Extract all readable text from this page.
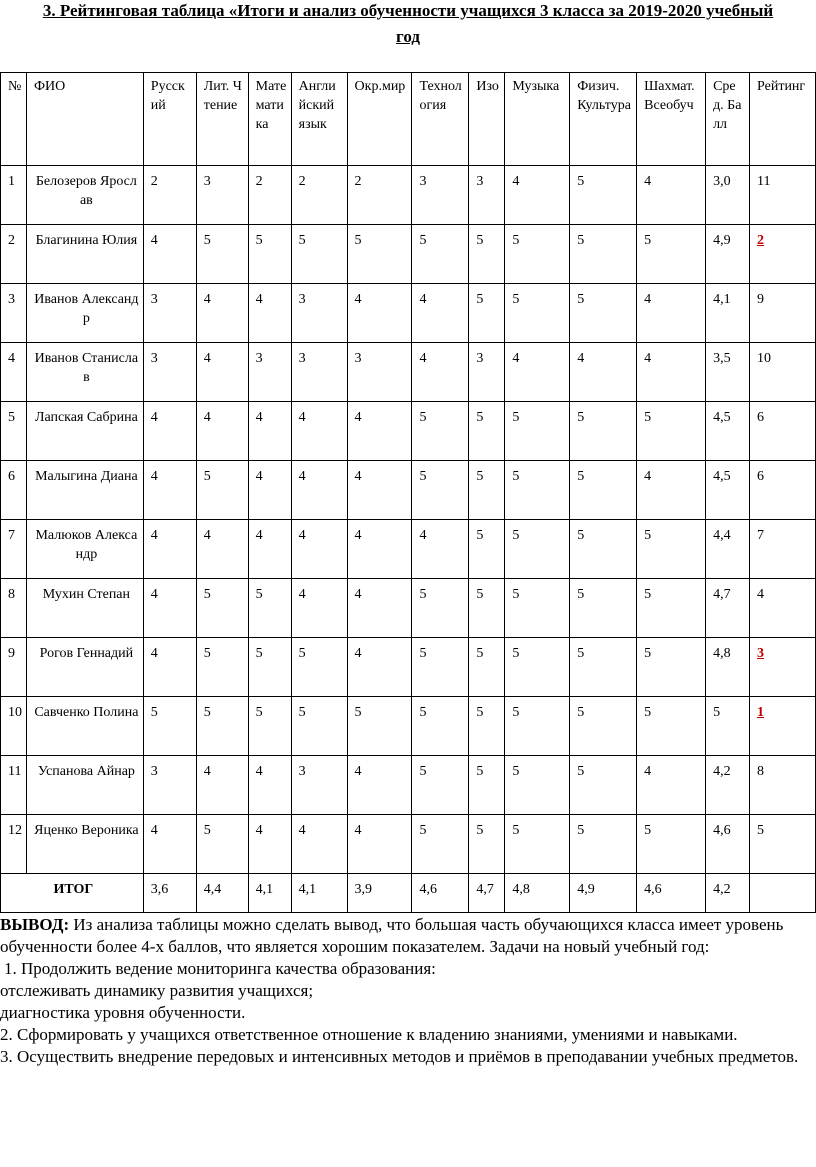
3. Рейтинговая таблица «Итоги и анализ обученности учащихся 3 класса за 2019-2020 учебный
год
№	ФИО	Русский	Лит. Чтение	Математика	Английский язык	Окр.мир	Технология	Изо	Музыка	Физич. Культура	Шахмат. Всеобуч	Сред. Балл	Рейтинг
1	Белозеров Ярослав	2	3	2	2	2	3	3	4	5	4	3,0	11
2	Благинина Юлия	4	5	5	5	5	5	5	5	5	5	4,9	2
3	Иванов Александр	3	4	4	3	4	4	5	5	5	4	4,1	9
4	Иванов Станислав	3	4	3	3	3	4	3	4	4	4	3,5	10
5	Лапская Сабрина	4	4	4	4	4	5	5	5	5	5	4,5	6
6	Малыгина Диана	4	5	4	4	4	5	5	5	5	4	4,5	6
7	Малюков Александр	4	4	4	4	4	4	5	5	5	5	4,4	7
8	Мухин Степан	4	5	5	4	4	5	5	5	5	5	4,7	4
9	Рогов Геннадий	4	5	5	5	4	5	5	5	5	5	4,8	3
10	Савченко Полина	5	5	5	5	5	5	5	5	5	5	5	1
11	Успанова Айнар	3	4	4	3	4	5	5	5	5	4	4,2	8
12	Яценко Вероника	4	5	4	4	4	5	5	5	5	5	4,6	5
ИТОГ		3,6	4,4	4,1	4,1	3,9	4,6	4,7	4,8	4,9	4,6	4,2	

ВЫВОД: Из анализа таблицы можно сделать вывод, что большая часть обучающихся класса имеет уровень обученности более 4-х баллов, что является хорошим показателем. Задачи на новый учебный год:

1. Продолжить ведение мониторинга качества образования:

отслеживать динамику развития учащихся;

диагностика уровня обученности.

2. Сформировать у учащихся ответственное отношение к владению знаниями, умениями и навыками.

3. Осуществить внедрение передовых и интенсивных методов и приёмов в преподавании учебных предметов.
